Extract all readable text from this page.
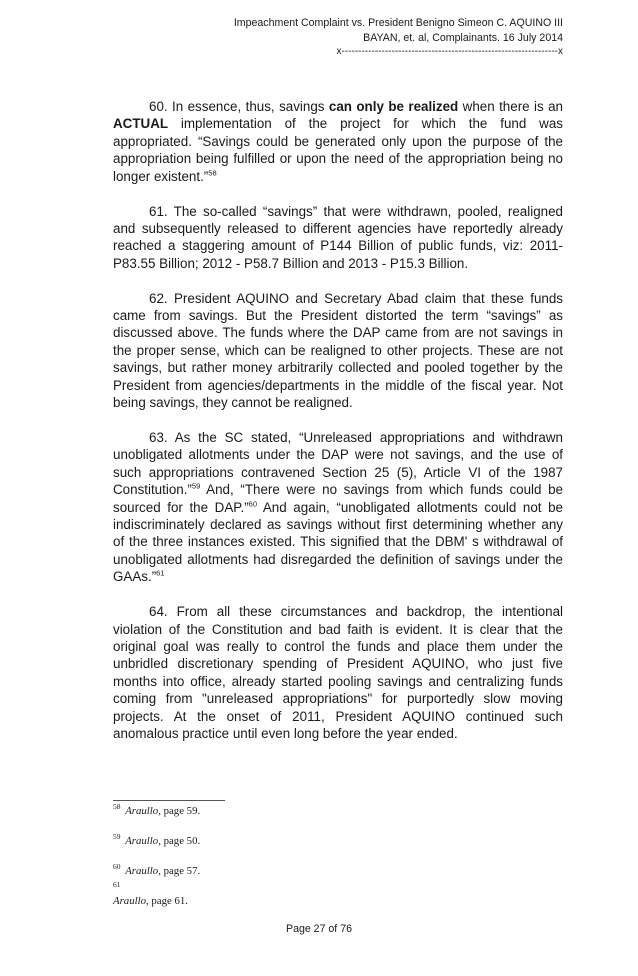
Impeachment Complaint vs. President Benigno Simeon C. AQUINO III
BAYAN, et. al, Complainants. 16 July 2014
x-----------------------------------------------------------------x

60. In essence, thus, savings can only be realized when there is an ACTUAL implementation of the project for which the fund was appropriated. “Savings could be generated only upon the purpose of the appropriation being fulfilled or upon the need of the appropriation being no longer existent.”$^{58}$

61. The so-called “savings” that were withdrawn, pooled, realigned and subsequently released to different agencies have reportedly already reached a staggering amount of P144 Billion of public funds, viz: 2011- P83.55 Billion; 2012 - P58.7 Billion and 2013 - P15.3 Billion.

62. President AQUINO and Secretary Abad claim that these funds came from savings. But the President distorted the term “savings” as discussed above. The funds where the DAP came from are not savings in the proper sense, which can be realigned to other projects. These are not savings, but rather money arbitrarily collected and pooled together by the President from agencies/departments in the middle of the fiscal year. Not being savings, they cannot be realigned.

63. As the SC stated, “Unreleased appropriations and withdrawn unobligated allotments under the DAP were not savings, and the use of such appropriations contravened Section 25 (5), Article VI of the 1987 Constitution.”$^{59}$ And, “There were no savings from which funds could be sourced for the DAP.”$^{60}$ And again, “unobligated allotments could not be indiscriminately declared as savings without first determining whether any of the three instances existed. This signified that the DBM' s withdrawal of unobligated allotments had disregarded the definition of savings under the GAAs.”$^{61}$

64. From all these circumstances and backdrop, the intentional violation of the Constitution and bad faith is evident. It is clear that the original goal was really to control the funds and place them under the unbridled discretionary spending of President AQUINO, who just five months into office, already started pooling savings and centralizing funds coming from "unreleased appropriations" for purportedly slow moving projects. At the onset of 2011, President AQUINO continued such anomalous practice until even long before the year ended.

$^{58}$ Araullo, page 59.
$^{59}$ Araullo, page 50.
$^{60}$ Araullo, page 57.
61
Araullo, page 61.
Page 27 of 76
